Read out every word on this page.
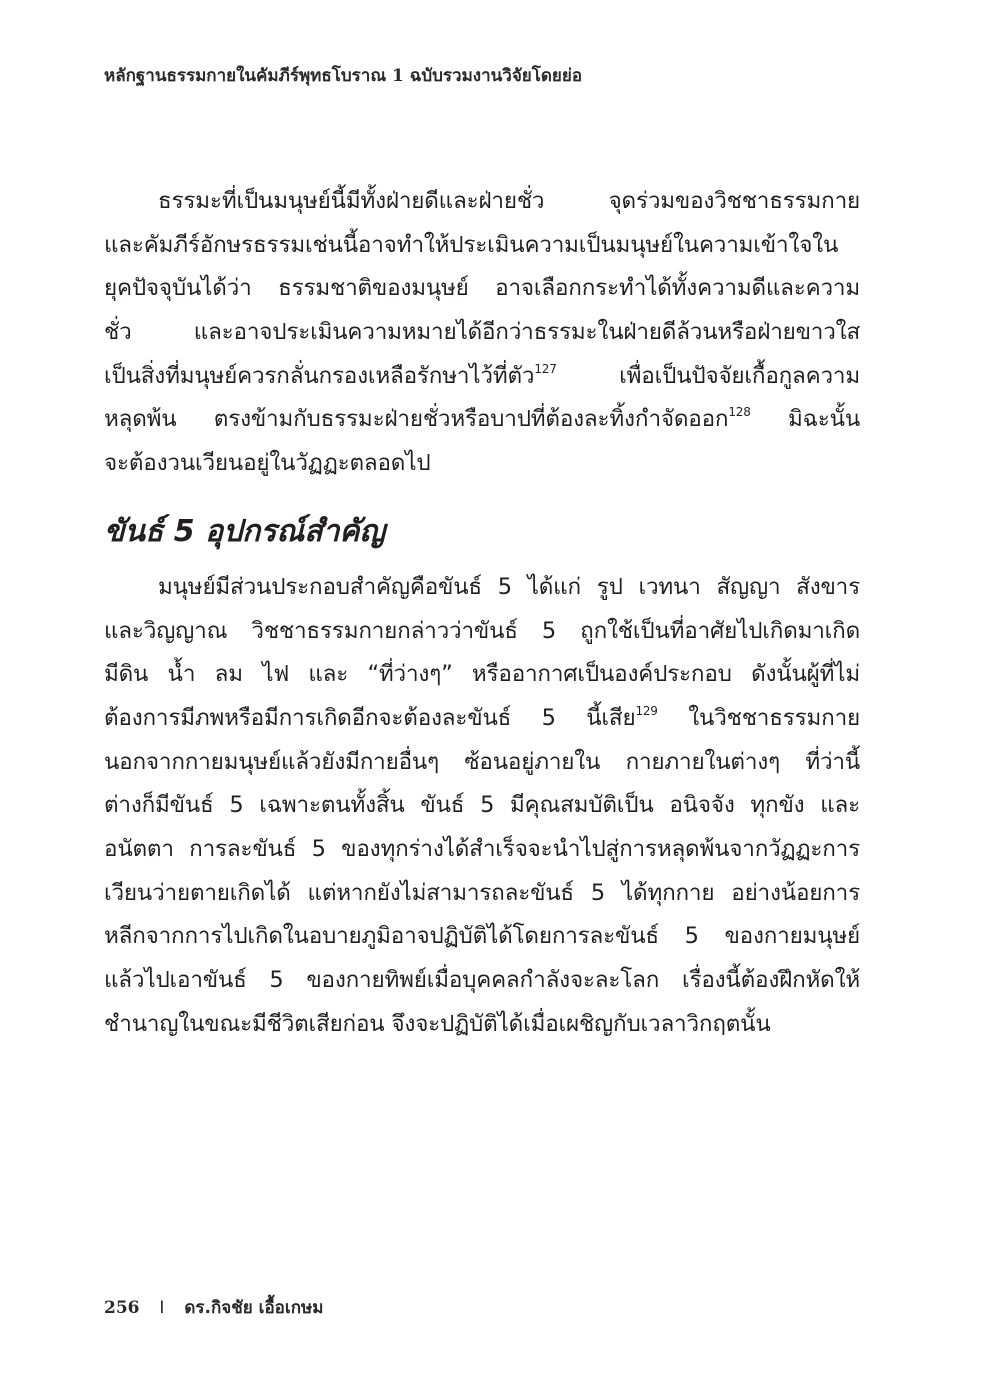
หลักฐานธรรมกายในคัมภีร์พุทธโบราณ 1 ฉบับรวมงานวิจัยโดยย่อ
ธรรมะที่เป็นมนุษย์นี้มีทั้งฝ่ายดีและฝ่ายชั่ว จุดร่วมของวิชชาธรรมกาย
และคัมภีร์อักษรธรรมเช่นนี้อาจทำให้ประเมินความเป็นมนุษย์ในความเข้าใจใน
ยุคปัจจุบันได้ว่า ธรรมชาติของมนุษย์ อาจเลือกกระทำได้ทั้งความดีและความ
ชั่ว และอาจประเมินความหมายได้อีกว่าธรรมะในฝ่ายดีล้วนหรือฝ่ายขาวใส
เป็นสิ่งที่มนุษย์ควรกลั่นกรองเหลือรักษาไว้ที่ตัว$^{127}$ เพื่อเป็นปัจจัยเกื้อกูลความ
หลุดพ้น ตรงข้ามกับธรรมะฝ่ายชั่วหรือบาปที่ต้องละทิ้งกำจัดออก$^{128}$ มิฉะนั้น
จะต้องวนเวียนอยู่ในวัฏฏะตลอดไป
ขันธ์ 5 อุปกรณ์สำคัญ
มนุษย์มีส่วนประกอบสำคัญคือขันธ์ 5 ได้แก่ รูป เวทนา สัญญา สังขาร
และวิญญาณ วิชชาธรรมกายกล่าวว่าขันธ์ 5 ถูกใช้เป็นที่อาศัยไปเกิดมาเกิด
มีดิน น้ำ ลม ไฟ และ “ที่ว่างๆ” หรืออากาศเป็นองค์ประกอบ ดังนั้นผู้ที่ไม่
ต้องการมีภพหรือมีการเกิดอีกจะต้องละขันธ์ 5 นี้เสีย$^{129}$ ในวิชชาธรรมกาย
นอกจากกายมนุษย์แล้วยังมีกายอื่นๆ ซ้อนอยู่ภายใน กายภายในต่างๆ ที่ว่านี้
ต่างก็มีขันธ์ 5 เฉพาะตนทั้งสิ้น ขันธ์ 5 มีคุณสมบัติเป็น อนิจจัง ทุกขัง และ
อนัตตา การละขันธ์ 5 ของทุกร่างได้สำเร็จจะนำไปสู่การหลุดพ้นจากวัฏฏะการ
เวียนว่ายตายเกิดได้ แต่หากยังไม่สามารถละขันธ์ 5 ได้ทุกกาย อย่างน้อยการ
หลีกจากการไปเกิดในอบายภูมิอาจปฏิบัติได้โดยการละขันธ์ 5 ของกายมนุษย์
แล้วไปเอาขันธ์ 5 ของกายทิพย์เมื่อบุคคลกำลังจะละโลก เรื่องนี้ต้องฝึกหัดให้
ชำนาญในขณะมีชีวิตเสียก่อน จึงจะปฏิบัติได้เมื่อเผชิญกับเวลาวิกฤตนั้น
256 I ดร.กิจชัย เอื้อเกษม
